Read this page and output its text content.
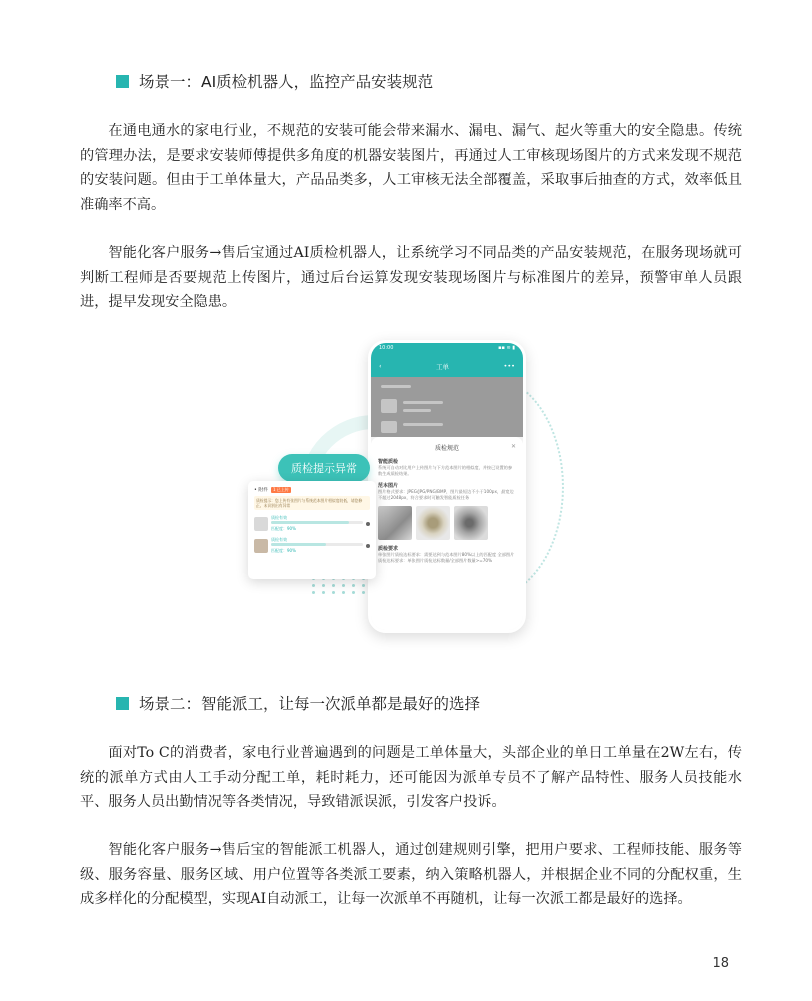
场景一：AI质检机器人，监控产品安装规范

在通电通水的家电行业，不规范的安装可能会带来漏水、漏电、漏气、起火等重大的安全隐患。传统的管理办法，是要求安装师傅提供多角度的机器安装图片，再通过人工审核现场图片的方式来发现不规范的安装问题。但由于工单体量大，产品品类多，人工审核无法全部覆盖，采取事后抽查的方式，效率低且准确率不高。

智能化客户服务→售后宝通过AI质检机器人，让系统学习不同品类的产品安装规范，在服务现场就可判断工程师是否要规范上传图片，通过后台运算发现安装现场图片与标准图片的差异，预警审单人员跟进，提早发现安全隐患。

10:00	▪▪ ≋ ▮
‹	工单	•••
质检规范	✕
智能质检
系统可自动对比用户上传图片与下方范本图片的相似度，并按已设置的参数生成质检结果。
范本图片
图片格式要求：JPEG/JPG/PNG/BMP，图片最短边不小于100px，最宽边不超过2048px，符合要求时可触发智能质检任务
质检要求
单张图片质检达标要求：需要达到与范本图片80%以上的匹配度 全部图片质检达标要求：单张图片质检达标数量/全部图片数量>=70%
质检提示异常
• 附件	1 已上传
质检提示：您上传有张图片与系统范本图片相似度较低，请您修正。未识别出有异常
质检有效
匹配度：90%
质检有效
匹配度：90%
场景二：智能派工，让每一次派单都是最好的选择

面对To C的消费者，家电行业普遍遇到的问题是工单体量大，头部企业的单日工单量在2W左右，传统的派单方式由人工手动分配工单，耗时耗力，还可能因为派单专员不了解产品特性、服务人员技能水平、服务人员出勤情况等各类情况，导致错派误派，引发客户投诉。

智能化客户服务→售后宝的智能派工机器人，通过创建规则引擎，把用户要求、工程师技能、服务等级、服务容量、服务区域、用户位置等各类派工要素，纳入策略机器人，并根据企业不同的分配权重，生成多样化的分配模型，实现AI自动派工，让每一次派单不再随机，让每一次派工都是最好的选择。

18
